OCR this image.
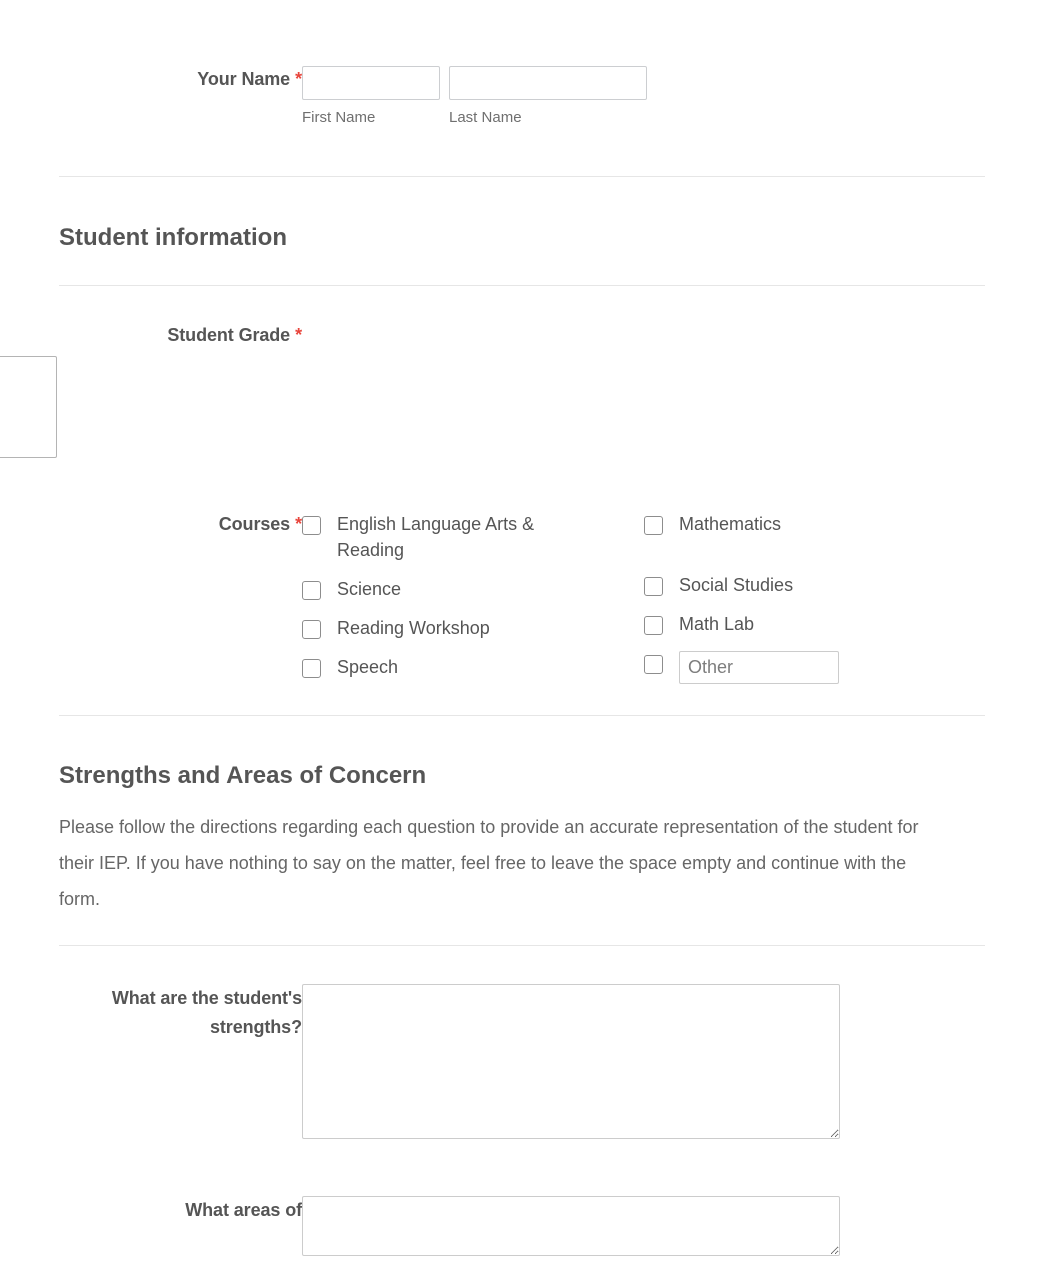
Your Name *
First Name	Last Name
Student information
Student Grade *
Courses * English Language Arts & Reading
Science
Reading Workshop
Speech
Mathematics
Social Studies
Math Lab
Other
Strengths and Areas of Concern
Please follow the directions regarding each question to provide an accurate representation of the student for their IEP. If you have nothing to say on the matter, feel free to leave the space empty and continue with the form.
What are the student's
strengths?
What areas of
